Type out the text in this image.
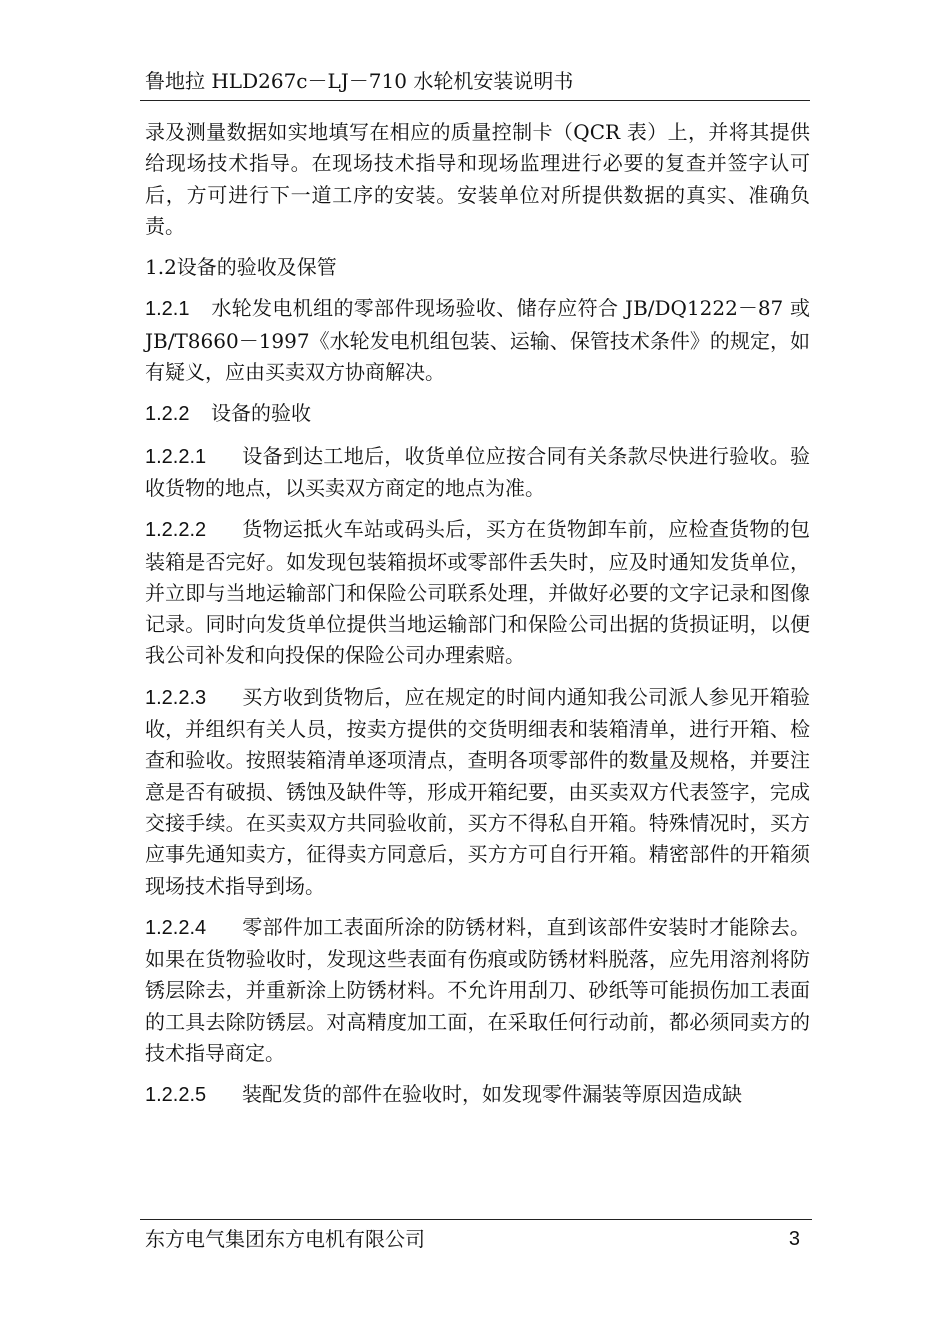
鲁地拉 HLD267c－LJ－710 水轮机安装说明书

录及测量数据如实地填写在相应的质量控制卡（QCR 表）上，并将其提供给现场技术指导。在现场技术指导和现场监理进行必要的复查并签字认可后，方可进行下一道工序的安装。安装单位对所提供数据的真实、准确负责。

1.2设备的验收及保管

1.2.1 水轮发电机组的零部件现场验收、储存应符合 JB/DQ1222－87 或 JB/T8660－1997《水轮发电机组包装、运输、保管技术条件》的规定，如有疑义，应由买卖双方协商解决。

1.2.2 设备的验收

1.2.2.1 设备到达工地后，收货单位应按合同有关条款尽快进行验收。验收货物的地点，以买卖双方商定的地点为准。

1.2.2.2 货物运抵火车站或码头后，买方在货物卸车前，应检查货物的包装箱是否完好。如发现包装箱损坏或零部件丢失时，应及时通知发货单位，并立即与当地运输部门和保险公司联系处理，并做好必要的文字记录和图像记录。同时向发货单位提供当地运输部门和保险公司出据的货损证明，以便我公司补发和向投保的保险公司办理索赔。

1.2.2.3 买方收到货物后，应在规定的时间内通知我公司派人参见开箱验收，并组织有关人员，按卖方提供的交货明细表和装箱清单，进行开箱、检查和验收。按照装箱清单逐项清点，查明各项零部件的数量及规格，并要注意是否有破损、锈蚀及缺件等，形成开箱纪要，由买卖双方代表签字，完成交接手续。在买卖双方共同验收前，买方不得私自开箱。特殊情况时，买方应事先通知卖方，征得卖方同意后，买方方可自行开箱。精密部件的开箱须现场技术指导到场。

1.2.2.4 零部件加工表面所涂的防锈材料，直到该部件安装时才能除去。如果在货物验收时，发现这些表面有伤痕或防锈材料脱落，应先用溶剂将防锈层除去，并重新涂上防锈材料。不允许用刮刀、砂纸等可能损伤加工表面的工具去除防锈层。对高精度加工面，在采取任何行动前，都必须同卖方的技术指导商定。

1.2.2.5 装配发货的部件在验收时，如发现零件漏装等原因造成缺

东方电气集团东方电机有限公司	3
